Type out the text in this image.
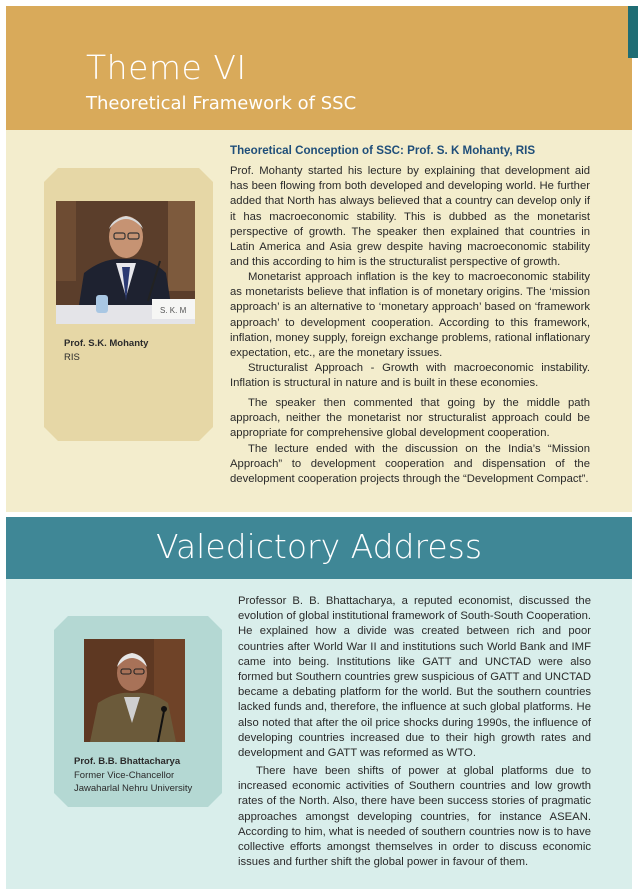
Theme VI
Theoretical Framework of SSC
S. K. M
Prof. S.K. Mohanty
RIS
Theoretical Conception of SSC: Prof. S. K Mohanty, RIS

Prof. Mohanty started his lecture by explaining that development aid has been flowing from both developed and developing world. He further added that North has always believed that a country can develop only if it has macroeconomic stability. This is dubbed as the monetarist perspective of growth. The speaker then explained that countries in Latin America and Asia grew despite having macroeconomic stability and this according to him is the structuralist perspective of growth.

Monetarist approach inflation is the key to macroeconomic stability as monetarists believe that inflation is of monetary origins. The ‘mission approach’ is an alternative to ‘monetary approach’ based on ‘framework approach’ to development cooperation. According to this framework, inflation, money supply, foreign exchange problems, rational inflationary expectation, etc., are the monetary issues.

Structuralist Approach - Growth with macroeconomic instability. Inflation is structural in nature and is built in these economies.

The speaker then commented that going by the middle path approach, neither the monetarist nor structuralist approach could be appropriate for comprehensive global development cooperation.

The lecture ended with the discussion on the India’s “Mission Approach” to development cooperation and dispensation of the development cooperation projects through the “Development Compact”.

Valedictory Address
Prof. B.B. Bhattacharya
Former Vice-Chancellor
Jawaharlal Nehru University

Professor B. B. Bhattacharya, a reputed economist, discussed the evolution of global institutional framework of South-South Cooperation. He explained how a divide was created between rich and poor countries after World War II and institutions such World Bank and IMF came into being. Institutions like GATT and UNCTAD were also formed but Southern countries grew suspicious of GATT and UNCTAD became a debating platform for the world. But the southern countries lacked funds and, therefore, the influence at such global platforms. He also noted that after the oil price shocks during 1990s, the influence of developing countries increased due to their high growth rates and development and GATT was reformed as WTO.

There have been shifts of power at global platforms due to increased economic activities of Southern countries and low growth rates of the North. Also, there have been success stories of pragmatic approaches amongst developing countries, for instance ASEAN. According to him, what is needed of southern countries now is to have collective efforts amongst themselves in order to discuss economic issues and further shift the global power in favour of them.
